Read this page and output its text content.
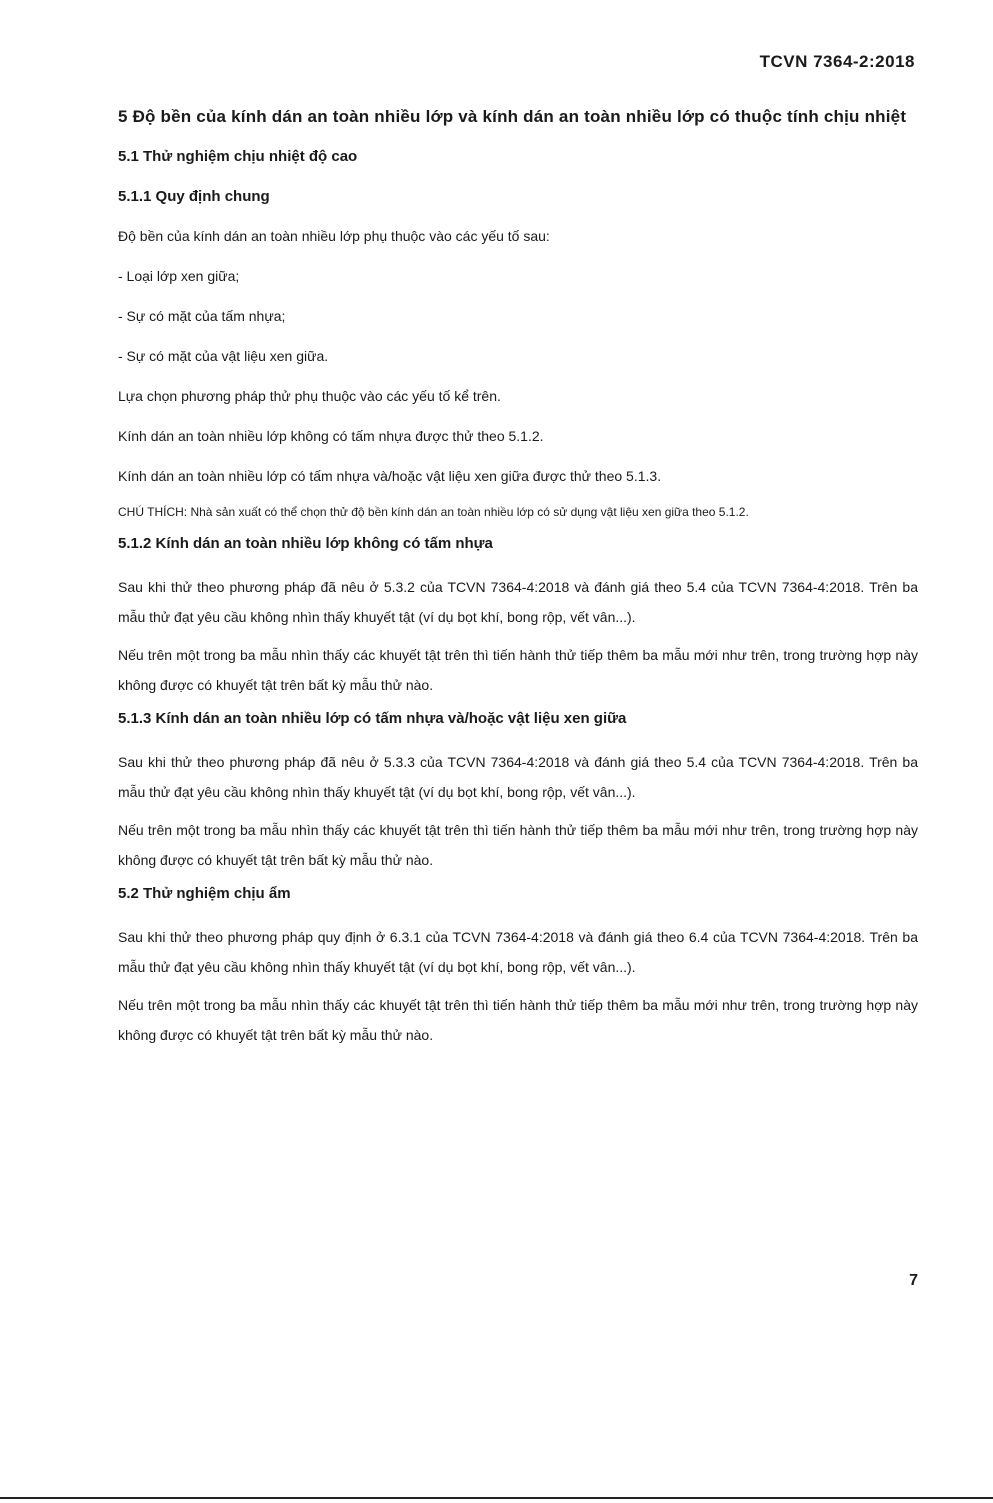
TCVN 7364-2:2018
5 Độ bền của kính dán an toàn nhiều lớp và kính dán an toàn nhiều lớp có thuộc tính chịu nhiệt
5.1 Thử nghiệm chịu nhiệt độ cao
5.1.1 Quy định chung
Độ bền của kính dán an toàn nhiều lớp phụ thuộc vào các yếu tố sau:
- Loại lớp xen giữa;
- Sự có mặt của tấm nhựa;
- Sự có mặt của vật liệu xen giữa.
Lựa chọn phương pháp thử phụ thuộc vào các yếu tố kể trên.
Kính dán an toàn nhiều lớp không có tấm nhựa được thử theo 5.1.2.
Kính dán an toàn nhiều lớp có tấm nhựa và/hoặc vật liệu xen giữa được thử theo 5.1.3.
CHÚ THÍCH: Nhà sản xuất có thể chọn thử độ bền kính dán an toàn nhiều lớp có sử dụng vật liệu xen giữa theo 5.1.2.
5.1.2 Kính dán an toàn nhiều lớp không có tấm nhựa
Sau khi thử theo phương pháp đã nêu ở 5.3.2 của TCVN 7364-4:2018 và đánh giá theo 5.4 của TCVN 7364-4:2018. Trên ba mẫu thử đạt yêu cầu không nhìn thấy khuyết tật (ví dụ bọt khí, bong rộp, vết vân...).
Nếu trên một trong ba mẫu nhìn thấy các khuyết tật trên thì tiến hành thử tiếp thêm ba mẫu mới như trên, trong trường hợp này không được có khuyết tật trên bất kỳ mẫu thử nào.
5.1.3 Kính dán an toàn nhiều lớp có tấm nhựa và/hoặc vật liệu xen giữa
Sau khi thử theo phương pháp đã nêu ở 5.3.3 của TCVN 7364-4:2018 và đánh giá theo 5.4 của TCVN 7364-4:2018. Trên ba mẫu thử đạt yêu cầu không nhìn thấy khuyết tật (ví dụ bọt khí, bong rộp, vết vân...).
Nếu trên một trong ba mẫu nhìn thấy các khuyết tật trên thì tiến hành thử tiếp thêm ba mẫu mới như trên, trong trường hợp này không được có khuyết tật trên bất kỳ mẫu thử nào.
5.2 Thử nghiệm chịu ẩm
Sau khi thử theo phương pháp quy định ở 6.3.1 của TCVN 7364-4:2018 và đánh giá theo 6.4 của TCVN 7364-4:2018. Trên ba mẫu thử đạt yêu cầu không nhìn thấy khuyết tật (ví dụ bọt khí, bong rộp, vết vân...).
Nếu trên một trong ba mẫu nhìn thấy các khuyết tật trên thì tiến hành thử tiếp thêm ba mẫu mới như trên, trong trường hợp này không được có khuyết tật trên bất kỳ mẫu thử nào.
7
